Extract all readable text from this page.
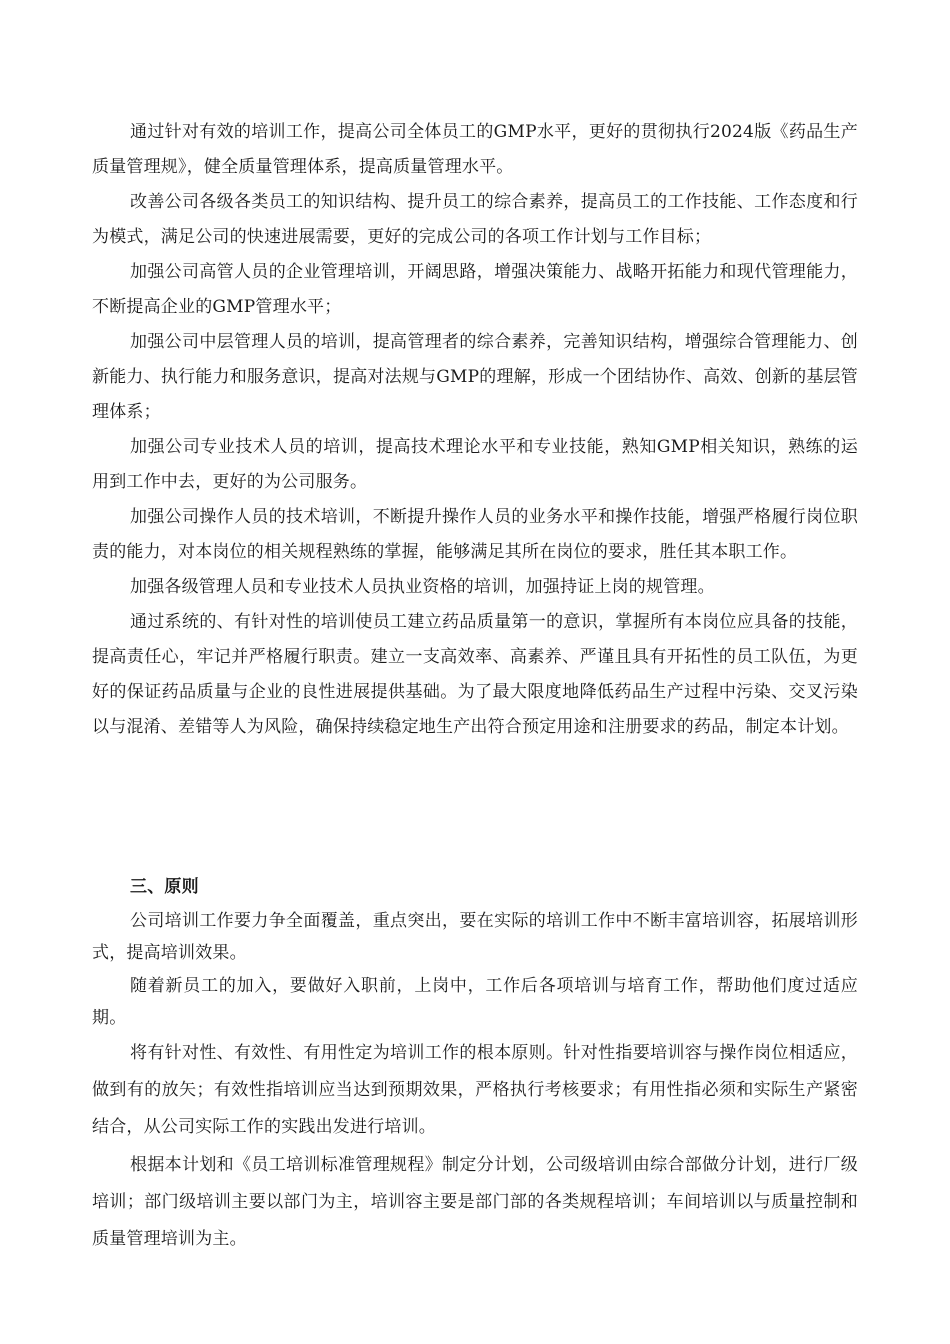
通过针对有效的培训工作，提高公司全体员工的GMP水平，更好的贯彻执行2024版《药品生产质量管理规》，健全质量管理体系，提高质量管理水平。

改善公司各级各类员工的知识结构、提升员工的综合素养，提高员工的工作技能、工作态度和行为模式，满足公司的快速进展需要，更好的完成公司的各项工作计划与工作目标；

加强公司高管人员的企业管理培训，开阔思路，增强决策能力、战略开拓能力和现代管理能力，不断提高企业的GMP管理水平；

加强公司中层管理人员的培训，提高管理者的综合素养，完善知识结构，增强综合管理能力、创新能力、执行能力和服务意识，提高对法规与GMP的理解，形成一个团结协作、高效、创新的基层管理体系；

加强公司专业技术人员的培训，提高技术理论水平和专业技能，熟知GMP相关知识，熟练的运用到工作中去，更好的为公司服务。

加强公司操作人员的技术培训，不断提升操作人员的业务水平和操作技能，增强严格履行岗位职责的能力，对本岗位的相关规程熟练的掌握，能够满足其所在岗位的要求，胜任其本职工作。

加强各级管理人员和专业技术人员执业资格的培训，加强持证上岗的规管理。

通过系统的、有针对性的培训使员工建立药品质量第一的意识，掌握所有本岗位应具备的技能，提高责任心，牢记并严格履行职责。建立一支高效率、高素养、严谨且具有开拓性的员工队伍，为更好的保证药品质量与企业的良性进展提供基础。为了最大限度地降低药品生产过程中污染、交叉污染以与混淆、差错等人为风险，确保持续稳定地生产出符合预定用途和注册要求的药品，制定本计划。

三、原则

公司培训工作要力争全面覆盖，重点突出，要在实际的培训工作中不断丰富培训容，拓展培训形式，提高培训效果。

随着新员工的加入，要做好入职前，上岗中，工作后各项培训与培育工作，帮助他们度过适应期。

将有针对性、有效性、有用性定为培训工作的根本原则。针对性指要培训容与操作岗位相适应，做到有的放矢；有效性指培训应当达到预期效果，严格执行考核要求；有用性指必须和实际生产紧密结合，从公司实际工作的实践出发进行培训。

根据本计划和《员工培训标准管理规程》制定分计划，公司级培训由综合部做分计划，进行厂级培训；部门级培训主要以部门为主，培训容主要是部门部的各类规程培训；车间培训以与质量控制和质量管理培训为主。
